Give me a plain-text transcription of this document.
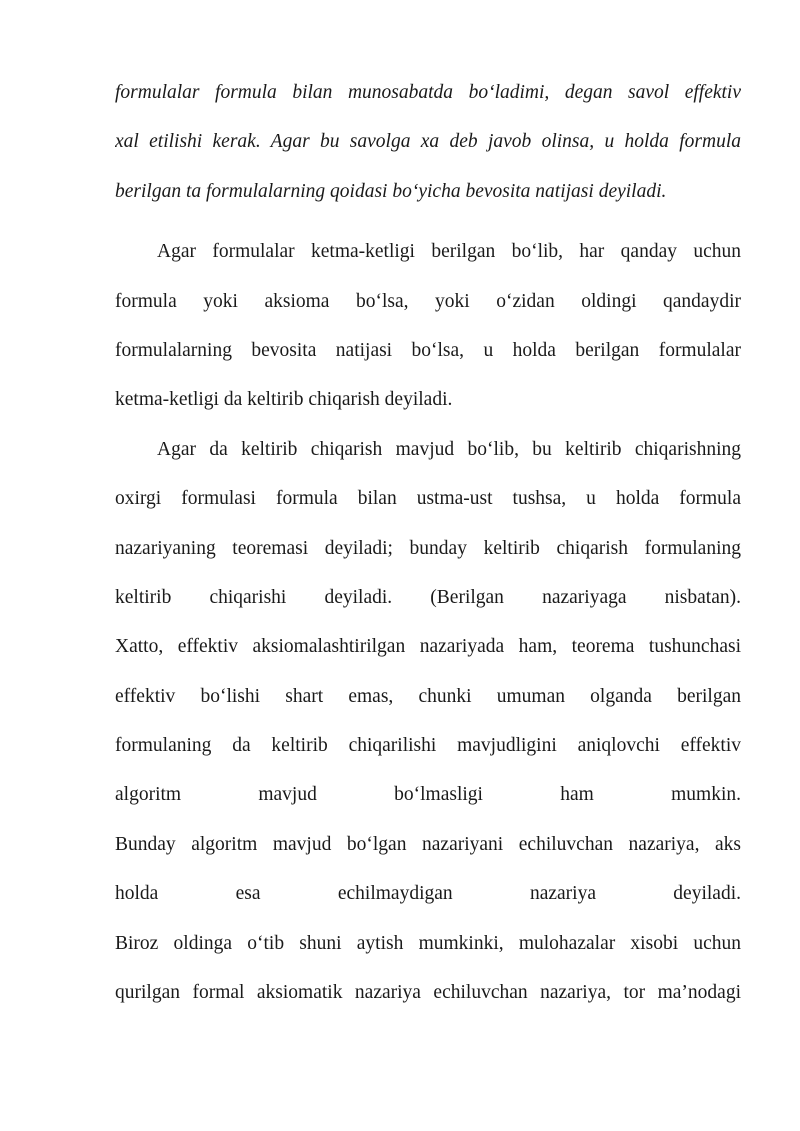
formulalar formula bilan munosabatda bo‘ladimi, degan savol effektiv
xal etilishi kerak. Agar bu savolga xa deb javob olinsa, u holda formula
berilgan ta formulalarning qoidasi bo‘yicha bevosita natijasi deyiladi.
Agar formulalar ketma-ketligi berilgan bo‘lib, har qanday uchun
formula yoki aksioma bo‘lsa, yoki o‘zidan oldingi qandaydir
formulalarning bevosita natijasi bo‘lsa, u holda berilgan formulalar
ketma-ketligi da keltirib chiqarish deyiladi.
Agar da keltirib chiqarish mavjud bo‘lib, bu keltirib chiqarishning
oxirgi formulasi formula bilan ustma-ust tushsa, u holda formula
nazariyaning teoremasi deyiladi; bunday keltirib chiqarish formulaning
keltirib chiqarishi deyiladi. (Berilgan nazariyaga nisbatan).
Xatto, effektiv aksiomalashtirilgan nazariyada ham, teorema tushunchasi
effektiv bo‘lishi shart emas, chunki umuman olganda berilgan
formulaning da keltirib chiqarilishi mavjudligini aniqlovchi effektiv
algoritm mavjud bo‘lmasligi ham mumkin.
Bunday algoritm mavjud bo‘lgan nazariyani echiluvchan nazariya, aks
holda esa echilmaydigan nazariya deyiladi.
Biroz oldinga o‘tib shuni aytish mumkinki, mulohazalar xisobi uchun
qurilgan formal aksiomatik nazariya echiluvchan nazariya, tor ma’nodagi
